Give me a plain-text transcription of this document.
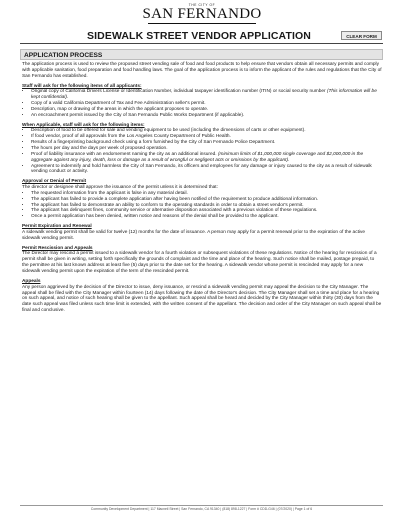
THE CITY OF
SAN FERNANDO
SIDEWALK STREET VENDOR APPLICATION	CLEAR FORM
APPLICATION PROCESS

The application process is used to review the proposed street vending sale of food and food products to help ensure that vendors obtain all necessary permits and comply with applicable sanitation, food preparation and food handling laws. The goal of the application process is to inform the applicant of the rules and regulations that the City of San Fernando has established.

Staff will ask for the following items of all applicants:

• Original copy of California Drivers License or Identification Number, individual taxpayer identification number (ITIN) or social security number (This information will be kept confidential).
• Copy of a valid California Department of Tax and Fee Administration seller's permit.
• Description, map or drawing of the areas in which the applicant proposes to operate.
• An encroachment permit issued by the City of San Fernando Public Works Department (if applicable).

When Applicable, staff will ask for the following items:

• Description of food to be offered for sale and vending equipment to be used (including the dimensions of carts or other equipment).
• If food vendor, proof of all approvals from the Los Angeles County Department of Public Health.
• Results of a fingerprinting background check using a form furnished by the City of San Fernando Police Department.
• The hours per day and the days per week of proposed operation.
• Proof of liability insurance with an endorsement naming the city as an additional insured. (minimum limits of $1,000,000 single coverage and $2,000,000 in the aggregate against any injury, death, loss or damage as a result of wrongful or negligent acts or omissions by the applicant).
• Agreement to indemnify and hold harmless the City of San Fernando, its officers and employees for any damage or injury caused to the city as a result of sidewalk vending conduct or activity.

Approval or Denial of Permit

The director or designee shall approve the issuance of the permit unless it is determined that:

• The requested information from the applicant is false in any material detail.
• The applicant has failed to provide a complete application after having been notified of the requirement to produce additional information.
• The applicant has failed to demonstrate an ability to conform to the operating standards in order to obtain a street vendor's permit.
• The applicant has delinquent fines, community service or alternative disposition associated with a previous violation of these regulations.
• Once a permit application has been denied, written notice and reasons of the denial shall be provided to the applicant.

Permit Expiration and Renewal

A sidewalk vending permit shall be valid for twelve (12) months for the date of issuance. A person may apply for a permit renewal prior to the expiration of the active sidewalk vending permit.

Permit Rescission and Appeals

The Director may rescind a permit issued to a sidewalk vendor for a fourth violation or subsequent violations of these regulations. Notice of the hearing for rescission of a permit shall be given in writing, setting forth specifically the grounds of complaint and the time and place of the hearing. Such notice shall be mailed, postage prepaid, to the permittee at his last known address at least five (5) days prior to the date set for the hearing. A sidewalk vendor whose permit is rescinded may apply for a new sidewalk vending permit upon the expiration of the term of the rescinded permit.

Appeals

Any person aggrieved by the decision of the Director to issue, deny issuance, or rescind a sidewalk vending permit may appeal the decision to the City Manager. The appeal shall be filed with the City Manager within fourteen (14) days following the date of the Director's decision. The City Manager shall set a time and place for a hearing on such appeal, and notice of such hearing shall be given to the appellant. Such appeal shall be heard and decided by the City Manager within thirty (30) days from the date such appeal was filed unless such time limit is extended, with the written consent of the appellant. The decision and order of the City Manager on such appeal shall be final and conclusive.

Community Development Department | 117 Macneil Street | San Fernando, CA 91340 | (818) 898-1227 | Form # CDD-G46 | (07/2020) | Page 1 of 6
